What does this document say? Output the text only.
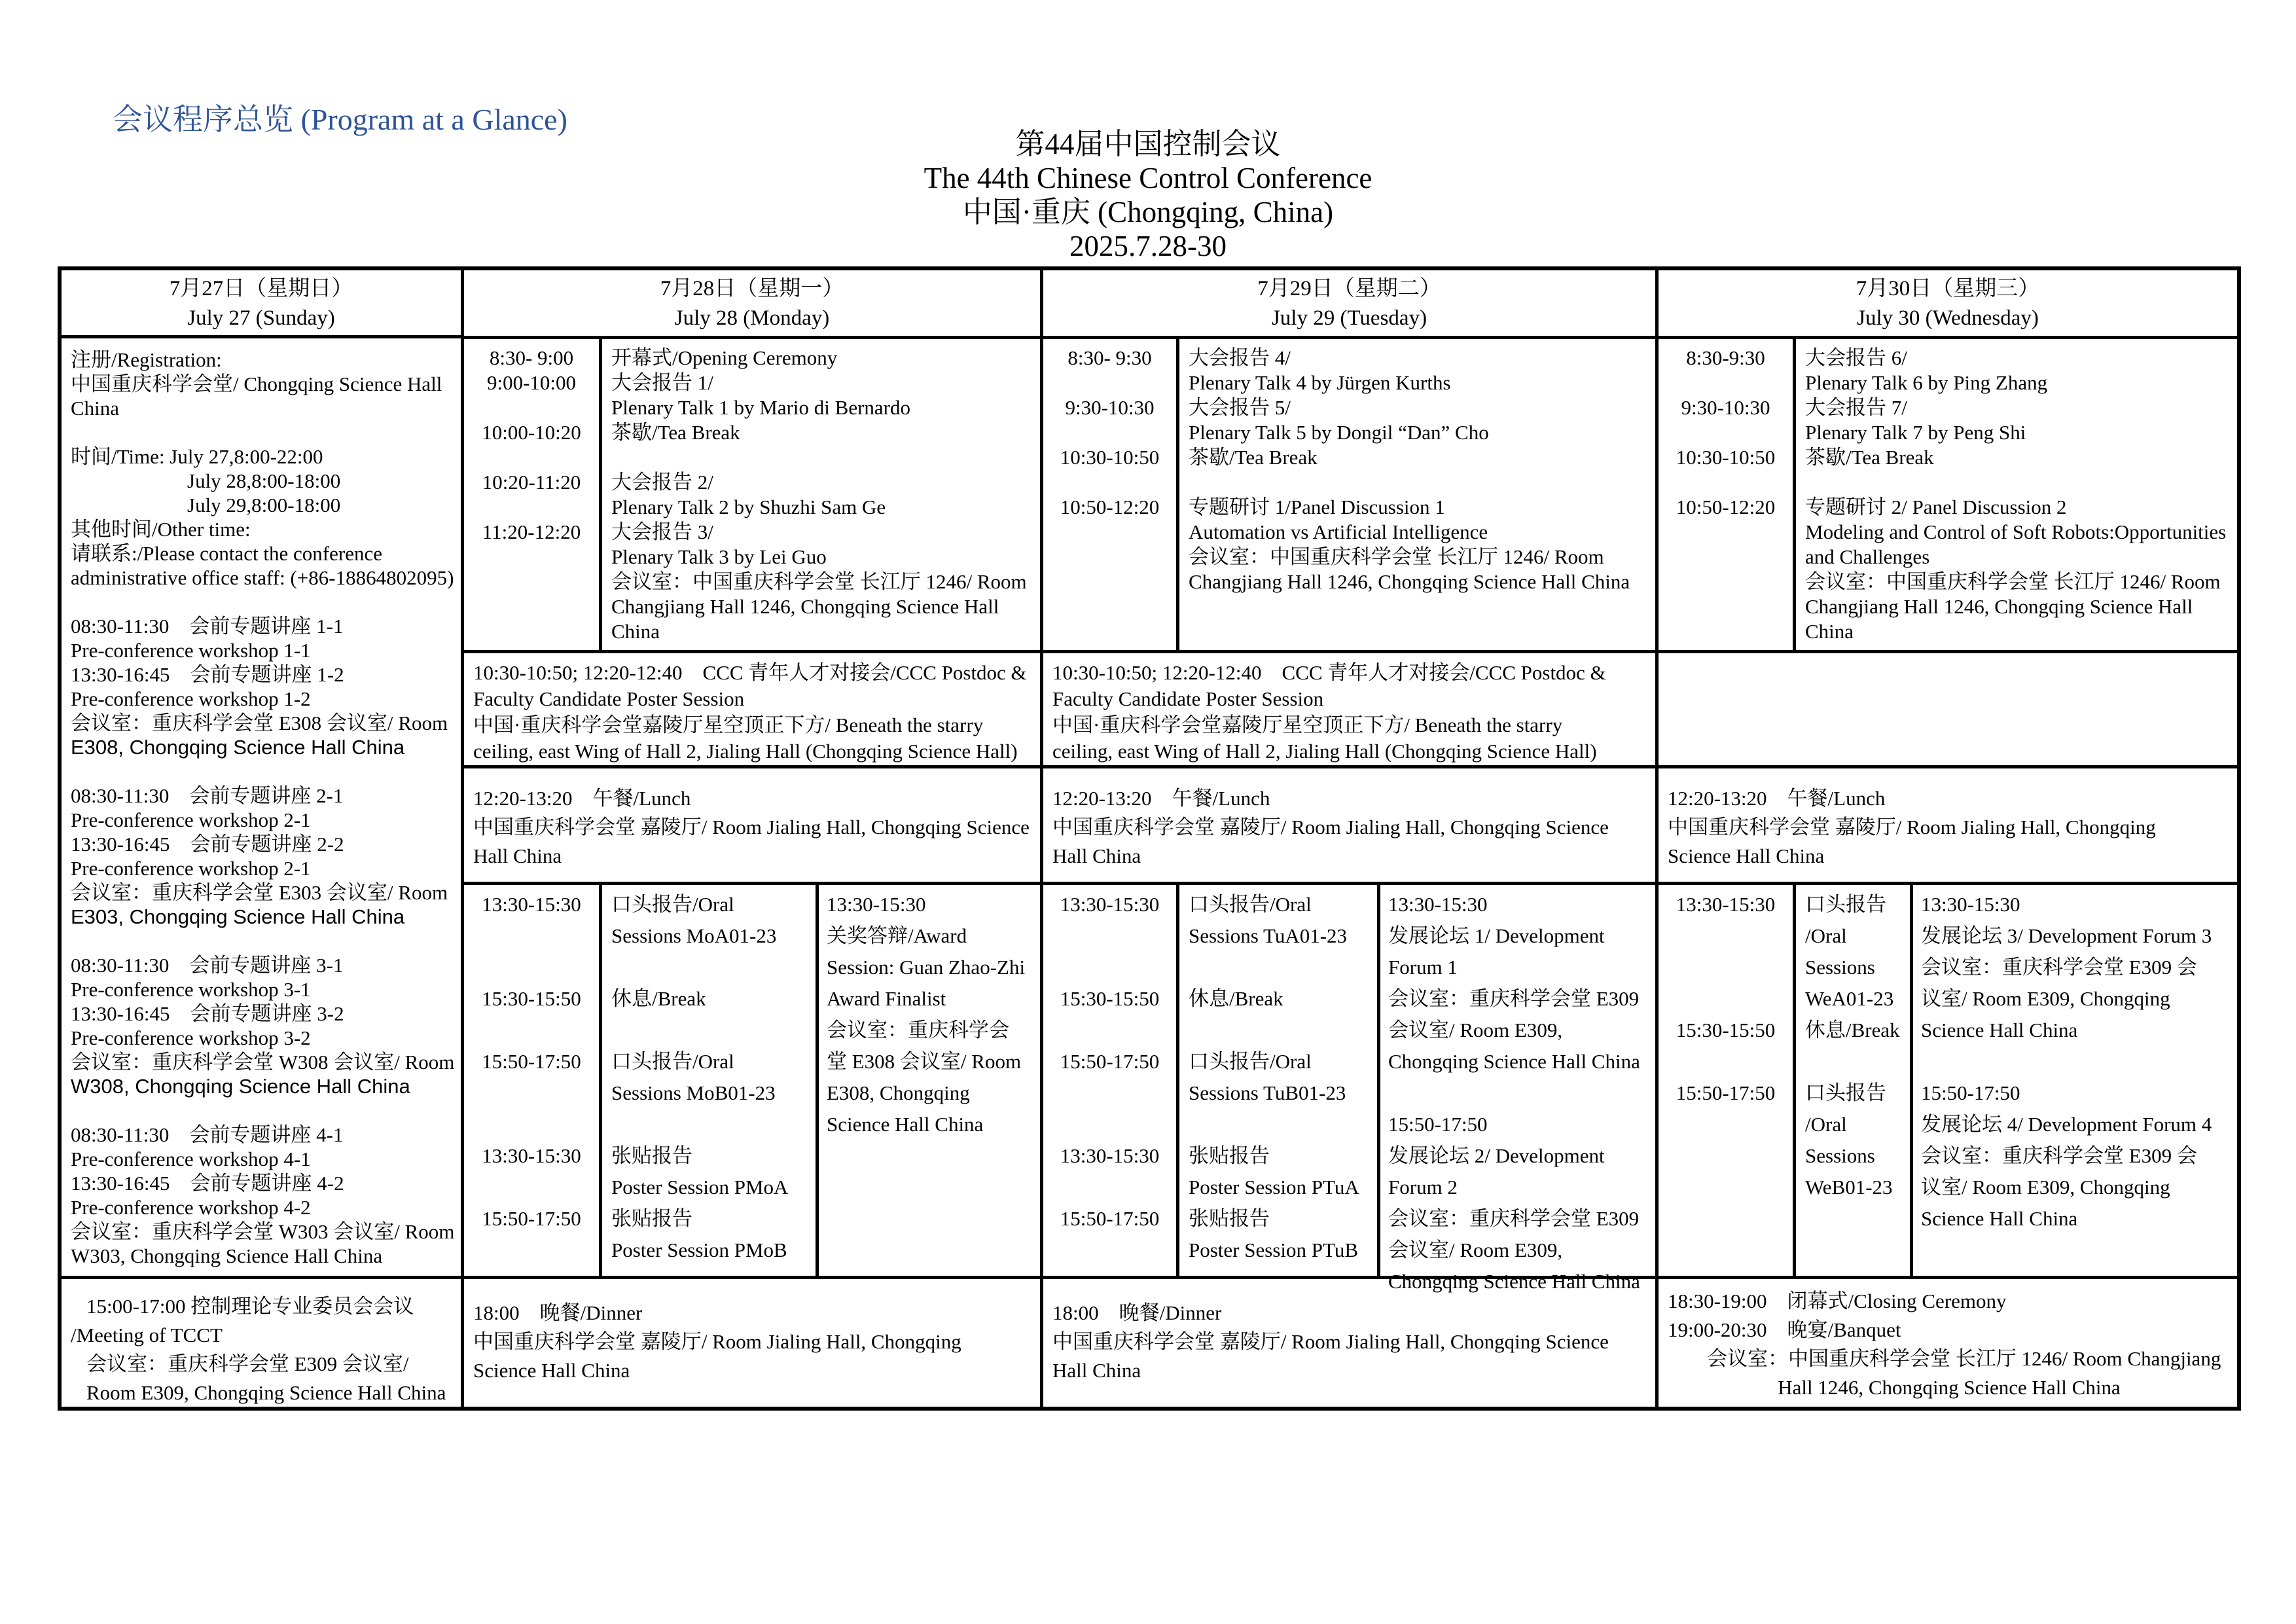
会议程序总览 (Program at a Glance)
第44届中国控制会议
The 44th Chinese Control Conference
中国·重庆 (Chongqing, China)
2025.7.28-30
7月27日（星期日）
July 27 (Sunday)
注册/Registration:
中国重庆科学会堂/ Chongqing Science Hall
China

时间/Time: July 27,8:00-22:00
July 28,8:00-18:00
July 29,8:00-18:00
其他时间/Other time:
请联系:/Please contact the conference
administrative office staff: (+86-18864802095)

08:30-11:30　会前专题讲座 1-1
Pre-conference workshop 1-1
13:30-16:45　会前专题讲座 1-2
Pre-conference workshop 1-2
会议室：重庆科学会堂 E308 会议室/ Room
E308, Chongqing Science Hall China

08:30-11:30　会前专题讲座 2-1
Pre-conference workshop 2-1
13:30-16:45　会前专题讲座 2-2
Pre-conference workshop 2-1
会议室：重庆科学会堂 E303 会议室/ Room
E303, Chongqing Science Hall China

08:30-11:30　会前专题讲座 3-1
Pre-conference workshop 3-1
13:30-16:45　会前专题讲座 3-2
Pre-conference workshop 3-2
会议室：重庆科学会堂 W308 会议室/ Room
W308, Chongqing Science Hall China

08:30-11:30　会前专题讲座 4-1
Pre-conference workshop 4-1
13:30-16:45　会前专题讲座 4-2
Pre-conference workshop 4-2
会议室：重庆科学会堂 W303 会议室/ Room
W303, Chongqing Science Hall China
15:00-17:00 控制理论专业委员会会议
/Meeting of TCCT
会议室：重庆科学会堂 E309 会议室/
Room E309, Chongqing Science Hall China
7月28日（星期一）
July 28 (Monday)
8:30- 9:00
9:00-10:00

10:00-10:20

10:20-11:20

11:20-12:20
开幕式/Opening Ceremony
大会报告 1/
Plenary Talk 1 by Mario di Bernardo
茶歇/Tea Break

大会报告 2/
Plenary Talk 2 by Shuzhi Sam Ge
大会报告 3/
Plenary Talk 3 by Lei Guo
会议室：中国重庆科学会堂 长江厅 1246/ Room
Changjiang Hall 1246, Chongqing Science Hall
China
10:30-10:50; 12:20-12:40　CCC 青年人才对接会/CCC Postdoc &
Faculty Candidate Poster Session
中国·重庆科学会堂嘉陵厅星空顶正下方/ Beneath the starry
ceiling, east Wing of Hall 2, Jialing Hall (Chongqing Science Hall)
12:20-13:20　午餐/Lunch
中国重庆科学会堂 嘉陵厅/ Room Jialing Hall, Chongqing Science
Hall China
13:30-15:30

15:30-15:50

15:50-17:50

13:30-15:30

15:50-17:50

口头报告/Oral
Sessions MoA01-23

休息/Break

口头报告/Oral
Sessions MoB01-23

张贴报告
Poster Session PMoA
张贴报告
Poster Session PMoB
13:30-15:30
关奖答辩/Award
Session: Guan Zhao-Zhi
Award Finalist
会议室：重庆科学会
堂 E308 会议室/ Room
E308, Chongqing
Science Hall China
18:00　晚餐/Dinner
中国重庆科学会堂 嘉陵厅/ Room Jialing Hall, Chongqing
Science Hall China
7月29日（星期二）
July 29 (Tuesday)
8:30- 9:30

9:30-10:30

10:30-10:50

10:50-12:20
大会报告 4/
Plenary Talk 4 by Jürgen Kurths
大会报告 5/
Plenary Talk 5 by Dongil “Dan” Cho
茶歇/Tea Break

专题研讨 1/Panel Discussion 1
Automation vs Artificial Intelligence
会议室：中国重庆科学会堂 长江厅 1246/ Room
Changjiang Hall 1246, Chongqing Science Hall China
10:30-10:50; 12:20-12:40　CCC 青年人才对接会/CCC Postdoc &
Faculty Candidate Poster Session
中国·重庆科学会堂嘉陵厅星空顶正下方/ Beneath the starry
ceiling, east Wing of Hall 2, Jialing Hall (Chongqing Science Hall)
12:20-13:20　午餐/Lunch
中国重庆科学会堂 嘉陵厅/ Room Jialing Hall, Chongqing Science
Hall China
13:30-15:30

15:30-15:50

15:50-17:50

13:30-15:30

15:50-17:50

口头报告/Oral
Sessions TuA01-23

休息/Break

口头报告/Oral
Sessions TuB01-23

张贴报告
Poster Session PTuA
张贴报告
Poster Session PTuB
13:30-15:30
发展论坛 1/ Development
Forum 1
会议室：重庆科学会堂 E309
会议室/ Room E309,
Chongqing Science Hall China

15:50-17:50
发展论坛 2/ Development
Forum 2
会议室：重庆科学会堂 E309
会议室/ Room E309,
Chongqing Science Hall China
18:00　晚餐/Dinner
中国重庆科学会堂 嘉陵厅/ Room Jialing Hall, Chongqing Science
Hall China
7月30日（星期三）
July 30 (Wednesday)
8:30-9:30

9:30-10:30

10:30-10:50

10:50-12:20
大会报告 6/
Plenary Talk 6 by Ping Zhang
大会报告 7/
Plenary Talk 7 by Peng Shi
茶歇/Tea Break

专题研讨 2/ Panel Discussion 2
Modeling and Control of Soft Robots:Opportunities
and Challenges
会议室：中国重庆科学会堂 长江厅 1246/ Room
Changjiang Hall 1246, Chongqing Science Hall
China
12:20-13:20　午餐/Lunch
中国重庆科学会堂 嘉陵厅/ Room Jialing Hall, Chongqing
Science Hall China
13:30-15:30

15:30-15:50

15:50-17:50

口头报告
/Oral
Sessions
WeA01-23
休息/Break

口头报告
/Oral
Sessions
WeB01-23
13:30-15:30
发展论坛 3/ Development Forum 3
会议室：重庆科学会堂 E309 会
议室/ Room E309, Chongqing
Science Hall China

15:50-17:50
发展论坛 4/ Development Forum 4
会议室：重庆科学会堂 E309 会
议室/ Room E309, Chongqing
Science Hall China
18:30-19:00　闭幕式/Closing Ceremony
19:00-20:30　晚宴/Banquet
会议室：中国重庆科学会堂 长江厅 1246/ Room Changjiang
Hall 1246, Chongqing Science Hall China
